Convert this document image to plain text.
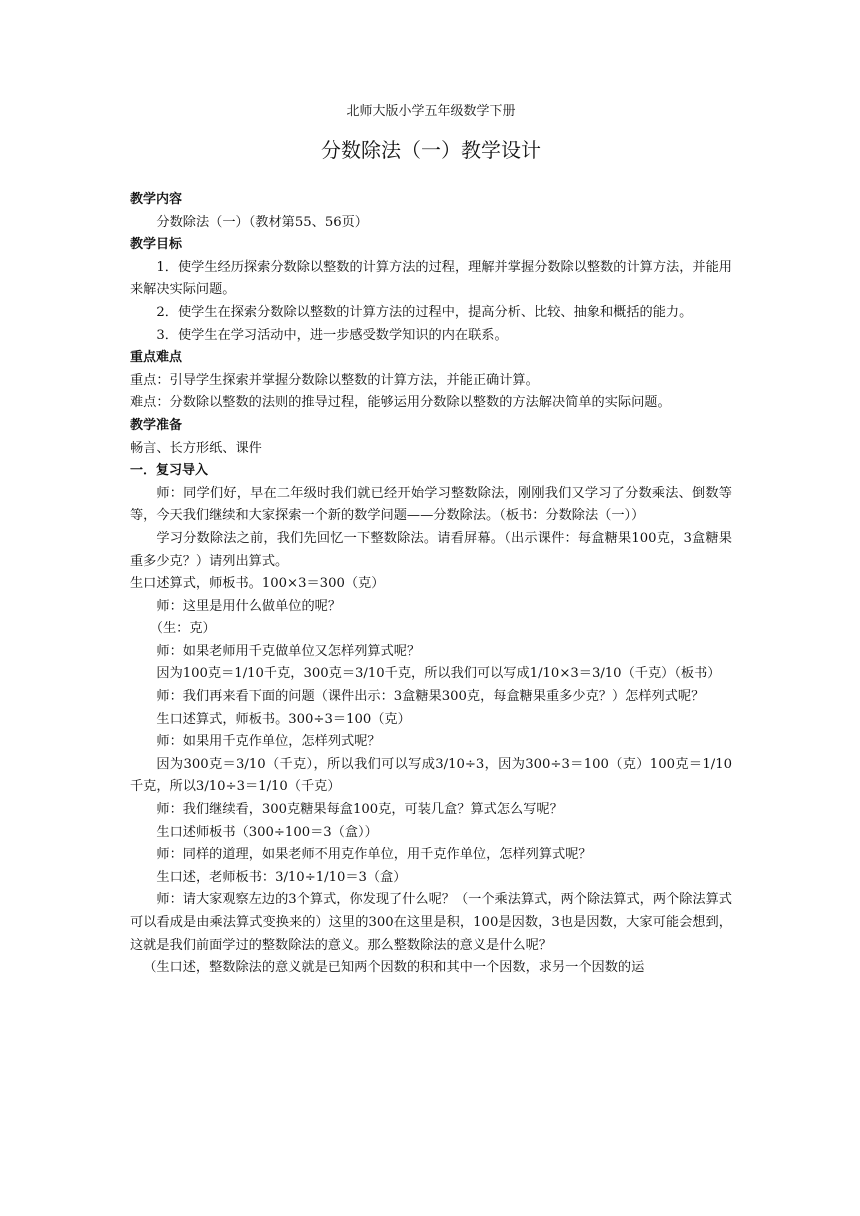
北师大版小学五年级数学下册

分数除法（一）教学设计

教学内容

分数除法（一）（教材第55、56页）

教学目标

1．使学生经历探索分数除以整数的计算方法的过程，理解并掌握分数除以整数的计算方法，并能用来解决实际问题。

2．使学生在探索分数除以整数的计算方法的过程中，提高分析、比较、抽象和概括的能力。

3．使学生在学习活动中，进一步感受数学知识的内在联系。

重点难点

重点：引导学生探索并掌握分数除以整数的计算方法，并能正确计算。

难点：分数除以整数的法则的推导过程，能够运用分数除以整数的方法解决简单的实际问题。

教学准备

畅言、长方形纸、课件

一．复习导入

师：同学们好，早在二年级时我们就已经开始学习整数除法，刚刚我们又学习了分数乘法、倒数等等，今天我们继续和大家探索一个新的数学问题——分数除法。（板书：分数除法（一））

学习分数除法之前，我们先回忆一下整数除法。请看屏幕。（出示课件：每盒糖果100克，3盒糖果重多少克？）请列出算式。

生口述算式，师板书。100×3＝300（克）

师：这里是用什么做单位的呢？

（生：克）

师：如果老师用千克做单位又怎样列算式呢？

因为100克＝1/10千克，300克＝3/10千克，所以我们可以写成1/10×3＝3/10（千克）（板书）

师：我们再来看下面的问题（课件出示：3盒糖果300克，每盒糖果重多少克？）怎样列式呢？

生口述算式，师板书。300÷3＝100（克）

师：如果用千克作单位，怎样列式呢？

因为300克＝3/10（千克），所以我们可以写成3/10÷3，因为300÷3＝100（克）100克＝1/10千克，所以3/10÷3＝1/10（千克）

师：我们继续看，300克糖果每盒100克，可装几盒？算式怎么写呢？

生口述师板书（300÷100＝3（盒））

师：同样的道理，如果老师不用克作单位，用千克作单位，怎样列算式呢？

生口述，老师板书：3/10÷1/10＝3（盒）

师：请大家观察左边的3个算式，你发现了什么呢？（一个乘法算式，两个除法算式，两个除法算式可以看成是由乘法算式变换来的）这里的300在这里是积，100是因数，3也是因数，大家可能会想到，这就是我们前面学过的整数除法的意义。那么整数除法的意义是什么呢？

（生口述，整数除法的意义就是已知两个因数的积和其中一个因数，求另一个因数的运
